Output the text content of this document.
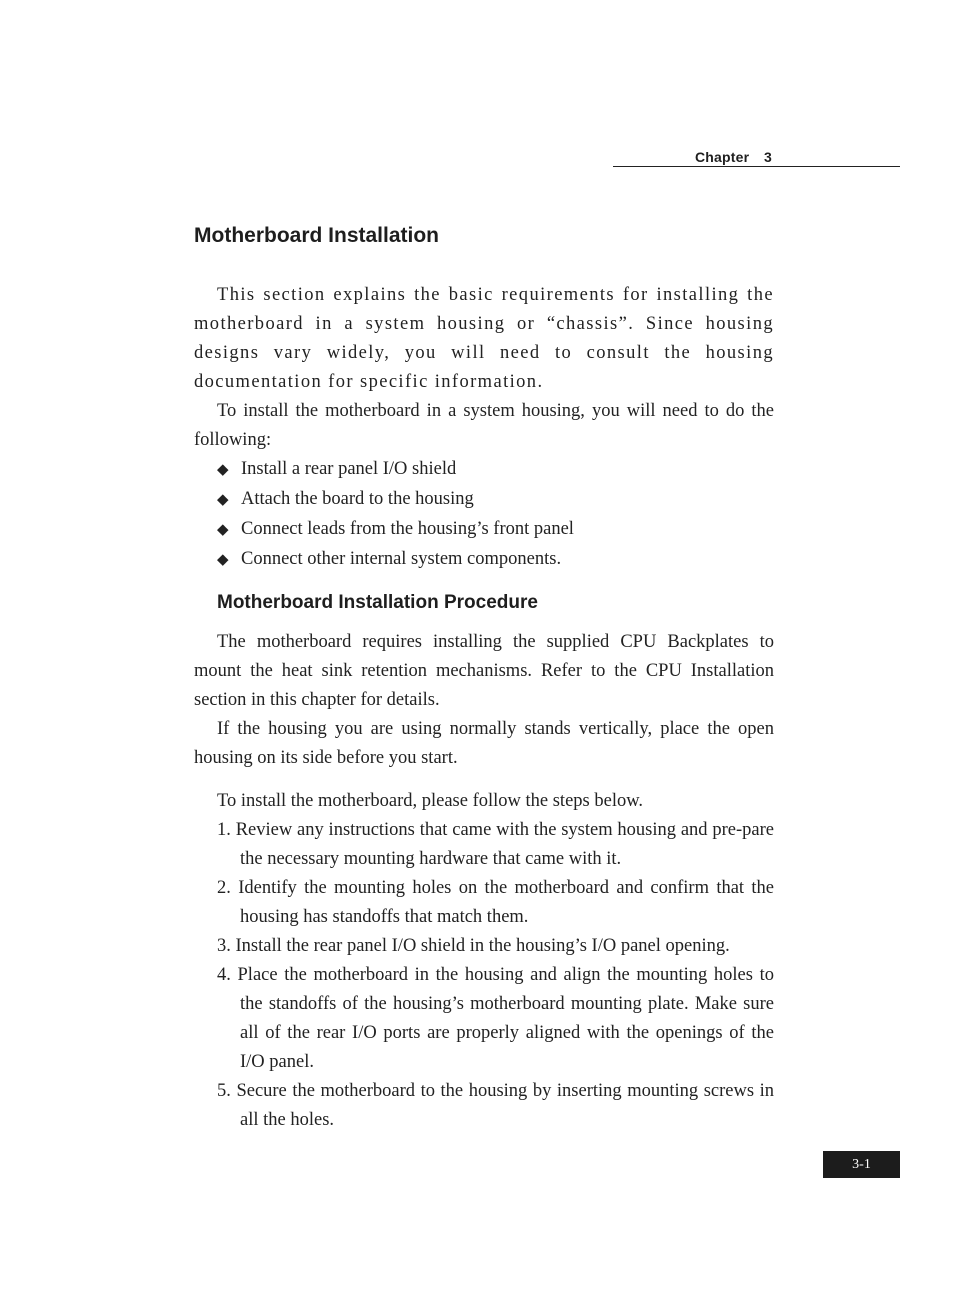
Chapter 3
Motherboard Installation

This section explains the basic requirements for installing the motherboard in a system housing or “chassis”. Since housing designs vary widely, you will need to consult the housing documentation for specific information.

To install the motherboard in a system housing, you will need to do the following:

◆ Install a rear panel I/O shield
◆ Attach the board to the housing
◆ Connect leads from the housing’s front panel
◆ Connect other internal system components.
Motherboard Installation Procedure

The motherboard requires installing the supplied CPU Backplates to mount the heat sink retention mechanisms. Refer to the CPU Installation section in this chapter for details.

If the housing you are using normally stands vertically, place the open housing on its side before you start.

To install the motherboard, please follow the steps below.

1. Review any instructions that came with the system housing and pre-pare the necessary mounting hardware that came with it.
2. Identify the mounting holes on the motherboard and confirm that the housing has standoffs that match them.
3. Install the rear panel I/O shield in the housing’s I/O panel opening.
4. Place the motherboard in the housing and align the mounting holes to the standoffs of the housing’s motherboard mounting plate. Make sure all of the rear I/O ports are properly aligned with the openings of the I/O panel.
5. Secure the motherboard to the housing by inserting mounting screws in all the holes.
3-1
